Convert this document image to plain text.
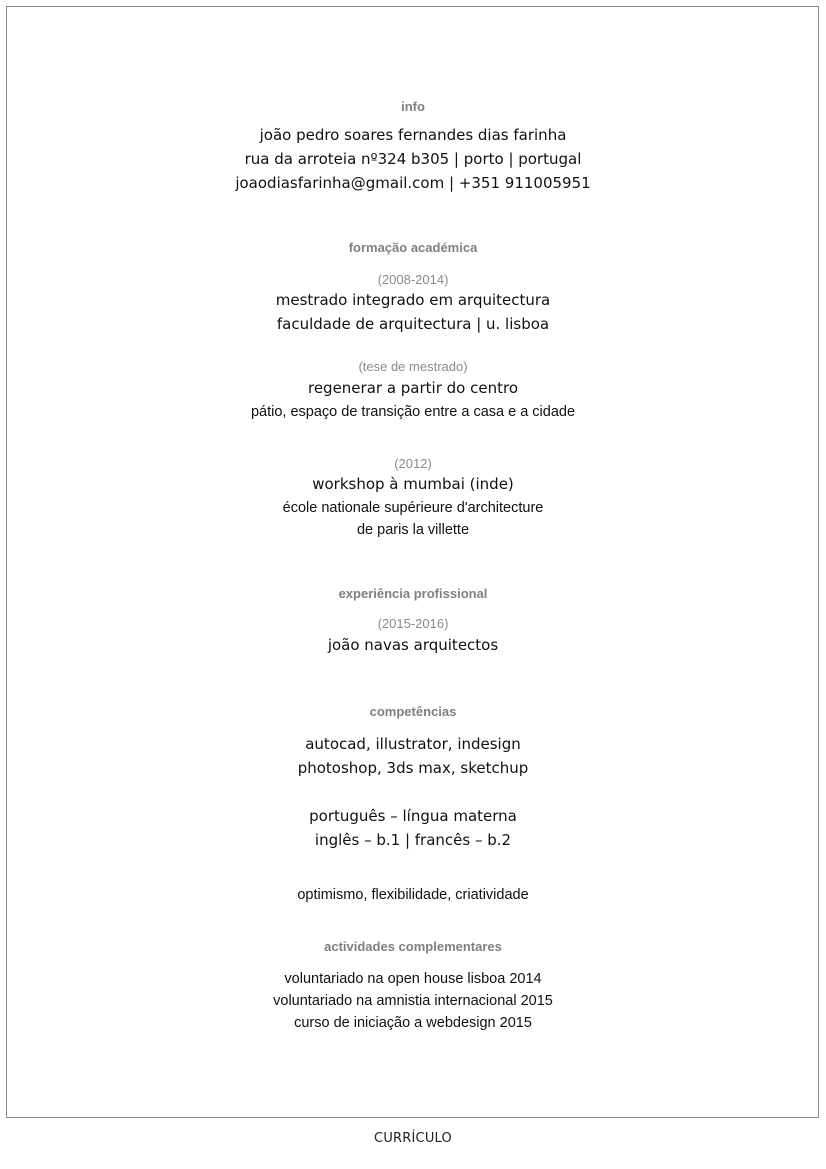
info
joão pedro soares fernandes dias farinha
rua da arroteia nº324 b305 | porto | portugal
joaodiasfarinha@gmail.com | +351 911005951
formação académica
(2008-2014)
mestrado integrado em arquitectura
faculdade de arquitectura | u. lisboa
(tese de mestrado)
regenerar a partir do centro
pátio, espaço de transição entre a casa e a cidade
(2012)
workshop à mumbai (inde)
école nationale supérieure d'architecture
de paris la villette
experiência profissional
(2015-2016)
joão navas arquitectos
competências
autocad, illustrator, indesign
photoshop, 3ds max, sketchup
português – língua materna
inglês – b.1 | francês – b.2
optimismo, flexibilidade, criatividade
actividades complementares
voluntariado na open house lisboa 2014
voluntariado na amnistia internacional 2015
curso de iniciação a webdesign 2015
CURRÍCULO
